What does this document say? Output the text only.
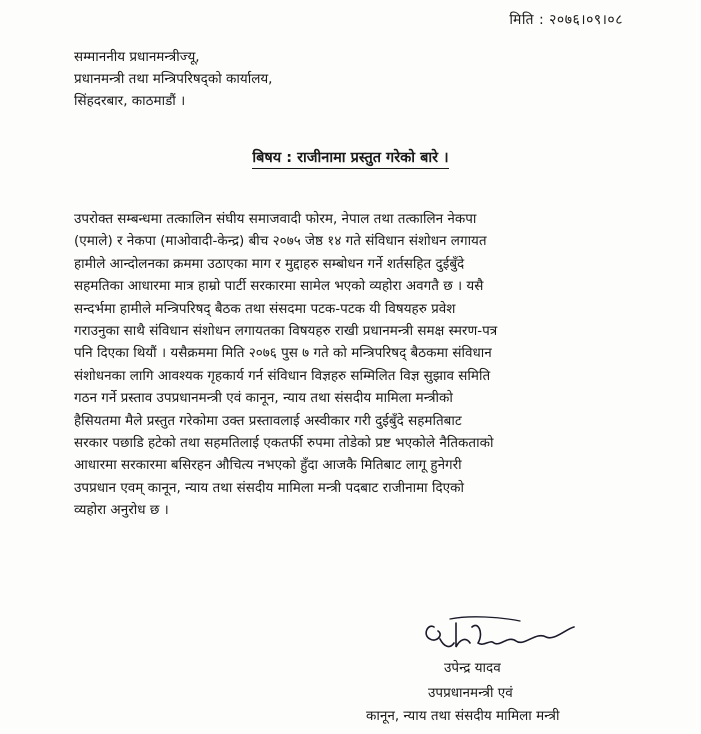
मिति : २०७६।०९।०८
सम्माननीय प्रधानमन्त्रीज्यू,
प्रधानमन्त्री तथा मन्त्रिपरिषद्को कार्यालय,
सिंहदरबार, काठमाडौं ।
बिषय : राजीनामा प्रस्तुत गरेको बारे ।
उपरोक्त सम्बन्धमा तत्कालिन संघीय समाजवादी फोरम, नेपाल तथा तत्कालिन नेकपा
(एमाले) र नेकपा (माओवादी-केन्द्र) बीच २०७५ जेष्ठ १४ गते संविधान संशोधन लगायत
हामीले आन्दोलनका क्रममा उठाएका माग र मुद्दाहरु सम्बोधन गर्ने शर्तसहित दुईबुँदे
सहमतिका आधारमा मात्र हाम्रो पार्टी सरकारमा सामेल भएको व्यहोरा अवगतै छ । यसै
सन्दर्भमा हामीले मन्त्रिपरिषद् बैठक तथा संसदमा पटक-पटक यी विषयहरु प्रवेश
गराउनुका साथै संविधान संशोधन लगायतका विषयहरु राखी प्रधानमन्त्री समक्ष स्मरण-पत्र
पनि दिएका थियौं । यसैक्रममा मिति २०७६ पुस ७ गते को मन्त्रिपरिषद् बैठकमा संविधान
संशोधनका लागि आवश्यक गृहकार्य गर्न संविधान विज्ञहरु सम्मिलित विज्ञ सुझाव समिति
गठन गर्ने प्रस्ताव उपप्रधानमन्त्री एवं कानून, न्याय तथा संसदीय मामिला मन्त्रीको
हैसियतमा मैले प्रस्तुत गरेकोमा उक्त प्रस्तावलाई अस्वीकार गरी दुईबुँदे सहमतिबाट
सरकार पछाडि हटेको तथा सहमतिलाई एकतर्फी रुपमा तोडेको प्रष्ट भएकोले नैतिकताको
आधारमा सरकारमा बसिरहन औचित्य नभएको हुँदा आजकै मितिबाट लागू हुनेगरी
उपप्रधान एवम् कानून, न्याय तथा संसदीय मामिला मन्त्री पदबाट राजीनामा दिएको
व्यहोरा अनुरोध छ ।
उपेन्द्र यादव
उपप्रधानमन्त्री एवं
कानून, न्याय तथा संसदीय मामिला मन्त्री
